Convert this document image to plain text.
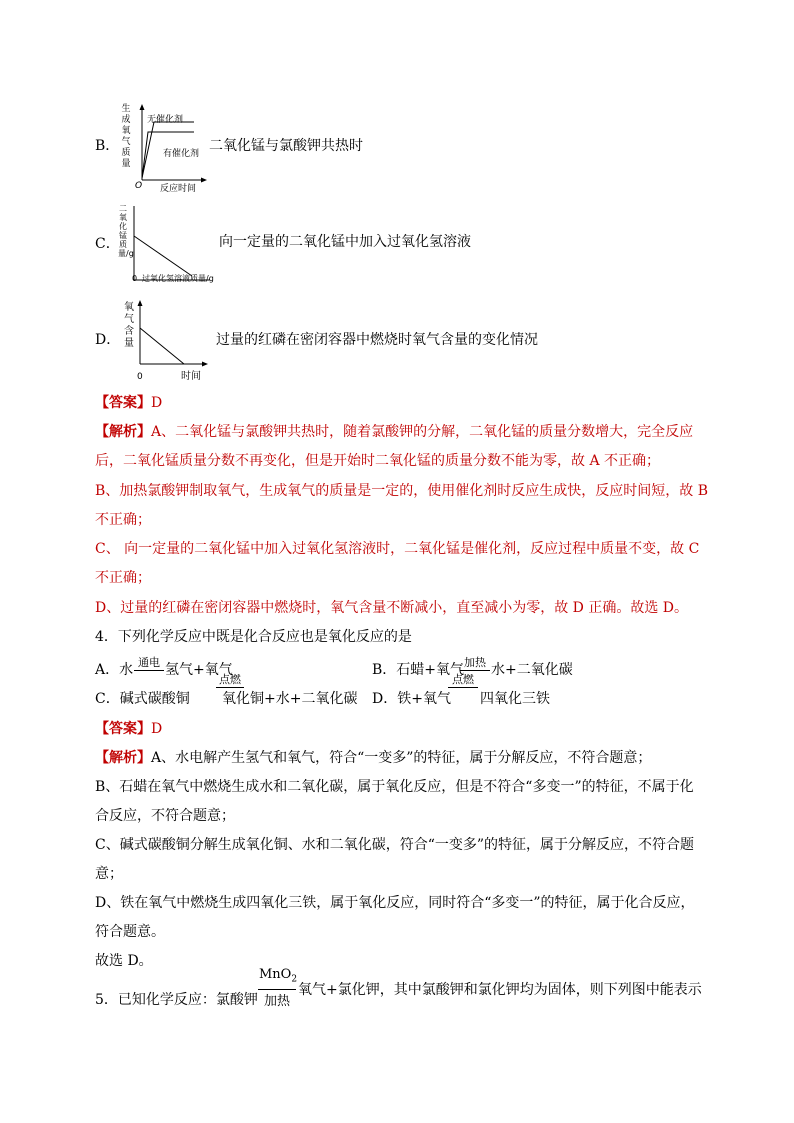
B．
生成氧气质量
无催化剂
有催化剂
O 反应时间
二氧化锰与氯酸钾共热时
C．
二氧化锰质量/g
0 过氧化氢溶液质量/g
向一定量的二氧化锰中加入过氧化氢溶液
D．
氧气含量
0	时间
过量的红磷在密闭容器中燃烧时氧气含量的变化情况
【答案】D
【解析】A、二氧化锰与氯酸钾共热时，随着氯酸钾的分解，二氧化锰的质量分数增大，完全反应
后，二氧化锰质量分数不再变化，但是开始时二氧化锰的质量分数不能为零，故 A 不正确；
B、加热氯酸钾制取氧气，生成氧气的质量是一定的，使用催化剂时反应生成快，反应时间短，故 B
不正确；
C、 向一定量的二氧化锰中加入过氧化氢溶液时，二氧化锰是催化剂，反应过程中质量不变，故 C
不正确；
D、过量的红磷在密闭容器中燃烧时，氧气含量不断减小，直至减小为零，故 D 正确。故选 D。
4．下列化学反应中既是化合反应也是氧化反应的是
A．水 通电 氢气+氧气	B．石蜡+氧气 加热 水+二氧化碳
C．碱式碳酸铜
点燃
氧化铜+水+二氧化碳 D．铁+氧气
点燃
四氧化三铁
【答案】D
【解析】A、水电解产生氢气和氧气，符合“一变多”的特征，属于分解反应，不符合题意；
B、石蜡在氧气中燃烧生成水和二氧化碳，属于氧化反应，但是不符合“多变一”的特征，不属于化
合反应，不符合题意；
C、碱式碳酸铜分解生成氧化铜、水和二氧化碳，符合“一变多”的特征，属于分解反应，不符合题
意；
D、铁在氧气中燃烧生成四氧化三铁，属于氧化反应，同时符合“多变一”的特征，属于化合反应，
符合题意。
故选 D。
5．已知化学反应：氯酸钾
MnO$_2$
加热
氧气+氯化钾，其中氯酸钾和氯化钾均为固体，则下列图中能表示
